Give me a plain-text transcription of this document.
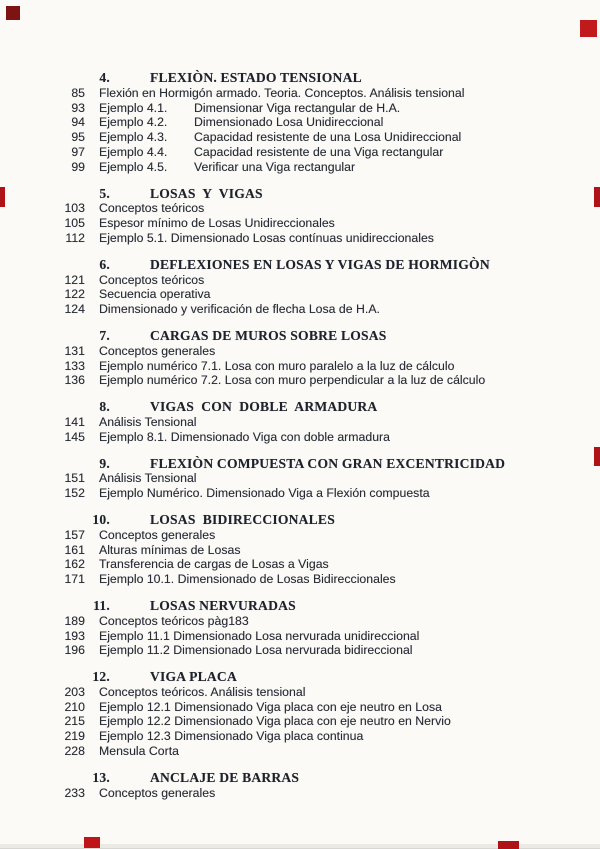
4.	FLEXIÒN. ESTADO TENSIONAL
85 Flexión en Hormigón armado. Teoria. Conceptos. Análisis tensional
93 Ejemplo 4.1.	Dimensionar Viga rectangular de H.A.
94 Ejemplo 4.2.	Dimensionado Losa Unidireccional
95 Ejemplo 4.3.	Capacidad resistente de una Losa Unidireccional
97 Ejemplo 4.4.	Capacidad resistente de una Viga rectangular
99 Ejemplo 4.5.	Verificar una Viga rectangular
5.	LOSAS  Y  VIGAS
103 Conceptos teóricos
105 Espesor mínimo de Losas Unidireccionales
112 Ejemplo 5.1. Dimensionado Losas contínuas unidireccionales
6.	DEFLEXIONES EN LOSAS Y VIGAS DE HORMIGÒN
121 Conceptos teóricos
122 Secuencia operativa
124 Dimensionado y verificación de flecha Losa de H.A.
7.	CARGAS DE MUROS SOBRE LOSAS
131 Conceptos generales
133 Ejemplo numérico 7.1. Losa con muro paralelo a la luz de cálculo
136 Ejemplo numérico 7.2. Losa con muro perpendicular a la luz de cálculo
8.	VIGAS  CON  DOBLE  ARMADURA
141 Análisis Tensional
145 Ejemplo 8.1. Dimensionado Viga con doble armadura
9.	FLEXIÒN COMPUESTA CON GRAN EXCENTRICIDAD
151 Análisis Tensional
152 Ejemplo Numérico. Dimensionado Viga a Flexión compuesta
10.	LOSAS  BIDIRECCIONALES
157 Conceptos generales
161 Alturas mínimas de Losas
162 Transferencia de cargas de Losas a Vigas
171 Ejemplo 10.1. Dimensionado de Losas Bidireccionales
11.	LOSAS NERVURADAS
189 Conceptos teóricos pàg183
193 Ejemplo 11.1 Dimensionado Losa nervurada unidireccional
196 Ejemplo 11.2 Dimensionado Losa nervurada bidireccional
12.	VIGA PLACA
203 Conceptos teóricos. Análisis tensional
210 Ejemplo 12.1 Dimensionado Viga placa con eje neutro en Losa
215 Ejemplo 12.2 Dimensionado Viga placa con eje neutro en Nervio
219 Ejemplo 12.3 Dimensionado Viga placa continua
228 Mensula Corta
13.	ANCLAJE DE BARRAS
233 Conceptos generales
